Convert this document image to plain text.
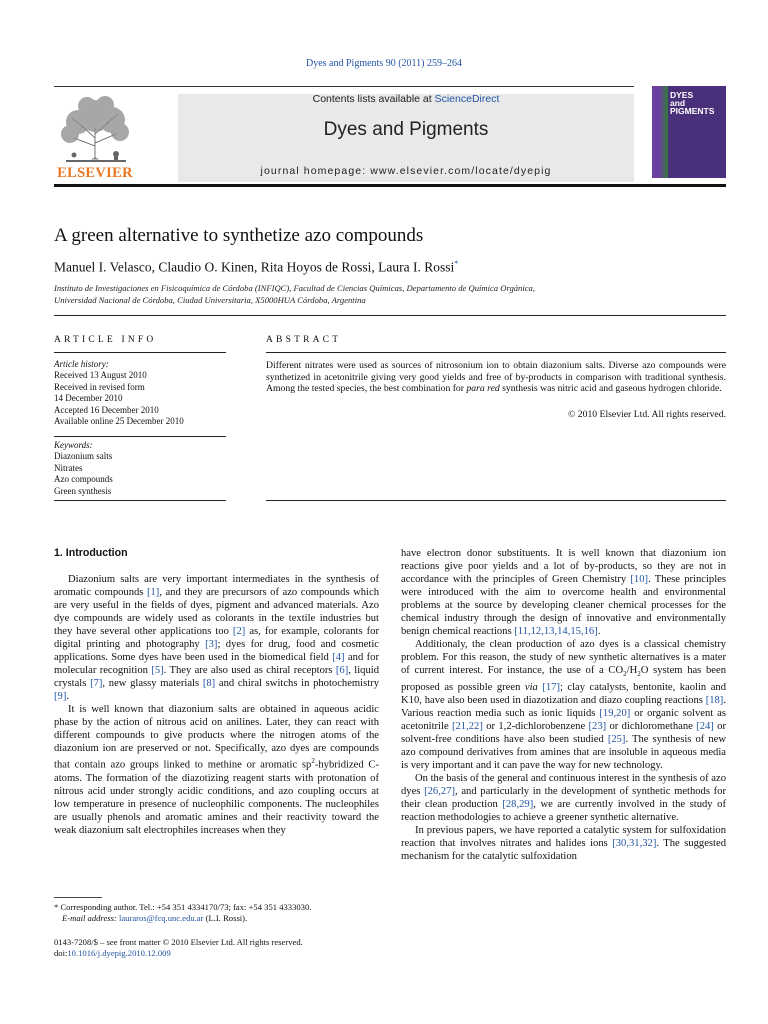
Dyes and Pigments 90 (2011) 259–264
ELSEVIER
Contents lists available at ScienceDirect
Dyes and Pigments
journal homepage: www.elsevier.com/locate/dyepig
DYES
and
PIGMENTS
A green alternative to synthetize azo compounds
Manuel I. Velasco, Claudio O. Kinen, Rita Hoyos de Rossi, Laura I. Rossi*
Instituto de Investigaciones en Fisicoquímica de Córdoba (INFIQC), Facultad de Ciencias Químicas, Departamento de Química Orgánica,
Universidad Nacional de Córdoba, Ciudad Universitaria, X5000HUA Córdoba, Argentina
ARTICLE INFO
Article history:
Received 13 August 2010
Received in revised form
14 December 2010
Accepted 16 December 2010
Available online 25 December 2010
Keywords:
Diazonium salts
Nitrates
Azo compounds
Green synthesis
ABSTRACT
Different nitrates were used as sources of nitrosonium ion to obtain diazonium salts. Diverse azo compounds were synthetized in acetonitrile giving very good yields and free of by-products in comparison with traditional synthesis. Among the tested species, the best combination for para red synthesis was nitric acid and gaseous hydrogen chloride.
© 2010 Elsevier Ltd. All rights reserved.

1. Introduction

Diazonium salts are very important intermediates in the synthesis of aromatic compounds [1], and they are precursors of azo compounds which are very useful in the fields of dyes, pigment and advanced materials. Azo dye compounds are widely used as colorants in the textile industries but they have several other applications too [2] as, for example, colorants for digital printing and photography [3]; dyes for drug, food and cosmetic applications. Some dyes have been used in the biomedical field [4] and for molecular recognition [5]. They are also used as chiral receptors [6], liquid crystals [7], new glassy materials [8] and chiral switchs in photochemistry [9].

It is well known that diazonium salts are obtained in aqueous acidic phase by the action of nitrous acid on anilines. Later, they can react with different compounds to give products where the nitrogen atoms of the diazonium ion are preserved or not. Specifically, azo dyes are compounds that contain azo groups linked to methine or aromatic $sp^2$-hybridized C-atoms. The formation of the diazotizing reagent starts with protonation of nitrous acid under strongly acidic conditions, and azo coupling occurs at low temperature in presence of nucleophilic components. The nucleophiles are usually phenols and aromatic amines and their reactivity toward the weak diazonium salt electrophiles increases when they

have electron donor substituents. It is well known that diazonium ion reactions give poor yields and a lot of by-products, so they are not in accordance with the principles of Green Chemistry [10]. These principles were introduced with the aim to overcome health and environmental problems at the source by developing cleaner chemical processes for the chemical industry through the design of innovative and environmentally benign chemical reactions [11,12,13,14,15,16].

Additionaly, the clean production of azo dyes is a classical chemistry problem. For this reason, the study of new synthetic alternatives is a mater of current interest. For instance, the use of a $CO_2/H_2O$ system has been proposed as possible green via [17]; clay catalysts, bentonite, kaolin and K10, have also been used in diazotization and diazo coupling reactions [18]. Various reaction media such as ionic liquids [19,20] or organic solvent as acetonitrile [21,22] or 1,2-dichlorobenzene [23] or dichloromethane [24] or solvent-free conditions have also been studied [25]. The synthesis of new azo compound derivatives from amines that are insoluble in aqueous media is very important and it can pave the way for new technology.

On the basis of the general and continuous interest in the synthesis of azo dyes [26,27], and particularly in the development of synthetic methods for their clean production [28,29], we are currently involved in the study of reaction methodologies to achieve a greener synthetic alternative.

In previous papers, we have reported a catalytic system for sulfoxidation reaction that involves nitrates and halides ions [30,31,32]. The suggested mechanism for the catalytic sulfoxidation

* Corresponding author. Tel.: +54 351 4334170/73; fax: +54 351 4333030.
E-mail address: lauraros@fcq.unc.edu.ar (L.I. Rossi).
0143-7208/$ – see front matter © 2010 Elsevier Ltd. All rights reserved.
doi:10.1016/j.dyepig.2010.12.009
